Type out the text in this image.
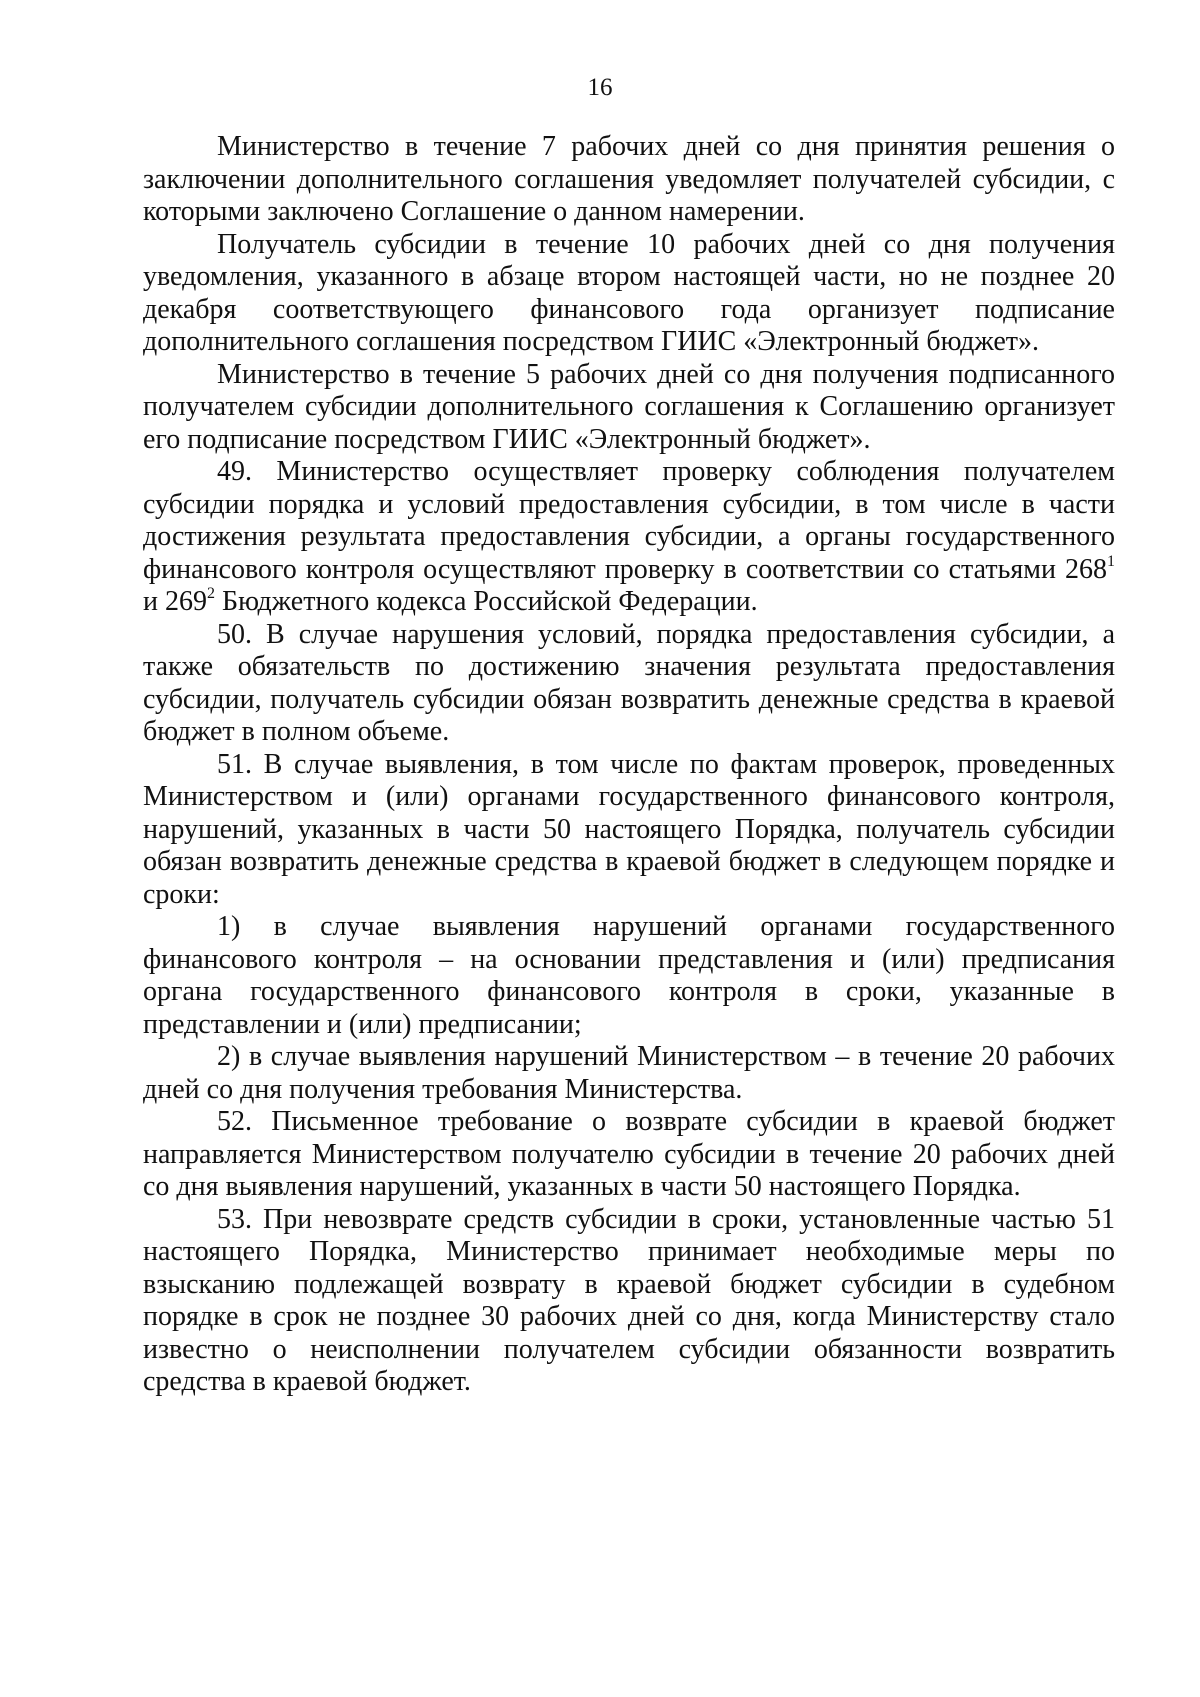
16

Министерство в течение 7 рабочих дней со дня принятия решения о заключении дополнительного соглашения уведомляет получателей субсидии, с которыми заключено Соглашение о данном намерении.

Получатель субсидии в течение 10 рабочих дней со дня получения уведомления, указанного в абзаце втором настоящей части, но не позднее 20 декабря соответствующего финансового года организует подписание дополнительного соглашения посредством ГИИС «Электронный бюджет».

Министерство в течение 5 рабочих дней со дня получения подписанного получателем субсидии дополнительного соглашения к Соглашению организует его подписание посредством ГИИС «Электронный бюджет».

49. Министерство осуществляет проверку соблюдения получателем субсидии порядка и условий предоставления субсидии, в том числе в части достижения результата предоставления субсидии, а органы государственного финансового контроля осуществляют проверку в соответствии со статьями $268^1$ и $269^2$ Бюджетного кодекса Российской Федерации.

50. В случае нарушения условий, порядка предоставления субсидии, а также обязательств по достижению значения результата предоставления субсидии, получатель субсидии обязан возвратить денежные средства в краевой бюджет в полном объеме.

51. В случае выявления, в том числе по фактам проверок, проведенных Министерством и (или) органами государственного финансового контроля, нарушений, указанных в части 50 настоящего Порядка, получатель субсидии обязан возвратить денежные средства в краевой бюджет в следующем порядке и сроки:

1) в случае выявления нарушений органами государственного финансового контроля – на основании представления и (или) предписания органа государственного финансового контроля в сроки, указанные в представлении и (или) предписании;

2) в случае выявления нарушений Министерством – в течение 20 рабочих дней со дня получения требования Министерства.

52. Письменное требование о возврате субсидии в краевой бюджет направляется Министерством получателю субсидии в течение 20 рабочих дней со дня выявления нарушений, указанных в части 50 настоящего Порядка.

53. При невозврате средств субсидии в сроки, установленные частью 51 настоящего Порядка, Министерство принимает необходимые меры по взысканию подлежащей возврату в краевой бюджет субсидии в судебном порядке в срок не позднее 30 рабочих дней со дня, когда Министерству стало известно о неисполнении получателем субсидии обязанности возвратить средства в краевой бюджет.
